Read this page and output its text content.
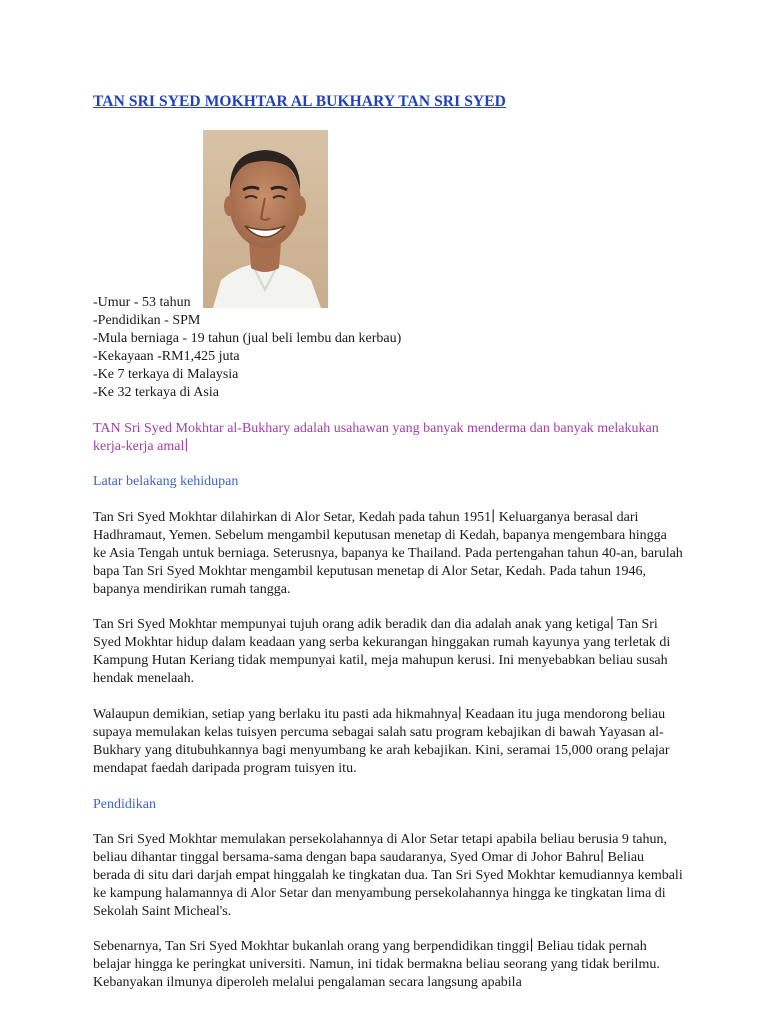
TAN SRI SYED MOKHTAR AL BUKHARY TAN SRI SYED
-Umur - 53 tahun
-Pendidikan - SPM
-Mula berniaga - 19 tahun (jual beli lembu dan kerbau)
-Kekayaan -RM1,425 juta
-Ke 7 terkaya di Malaysia
-Ke 32 terkaya di Asia
TAN Sri Syed Mokhtar al-Bukhary adalah usahawan yang banyak menderma dan banyak melakukan kerja-kerja amal∣
Latar belakang kehidupan
Tan Sri Syed Mokhtar dilahirkan di Alor Setar, Kedah pada tahun 1951∣ Keluarganya berasal dari Hadhramaut, Yemen. Sebelum mengambil keputusan menetap di Kedah, bapanya mengembara hingga ke Asia Tengah untuk berniaga. Seterusnya, bapanya ke Thailand. Pada pertengahan tahun 40-an, barulah bapa Tan Sri Syed Mokhtar mengambil keputusan menetap di Alor Setar, Kedah. Pada tahun 1946, bapanya mendirikan rumah tangga.
Tan Sri Syed Mokhtar mempunyai tujuh orang adik beradik dan dia adalah anak yang ketiga∣ Tan Sri Syed Mokhtar hidup dalam keadaan yang serba kekurangan hinggakan rumah kayunya yang terletak di Kampung Hutan Keriang tidak mempunyai katil, meja mahupun kerusi. Ini menyebabkan beliau susah hendak menelaah.
Walaupun demikian, setiap yang berlaku itu pasti ada hikmahnya∣ Keadaan itu juga mendorong beliau supaya memulakan kelas tuisyen percuma sebagai salah satu program kebajikan di bawah Yayasan al-Bukhary yang ditubuhkannya bagi menyumbang ke arah kebajikan. Kini, seramai 15,000 orang pelajar mendapat faedah daripada program tuisyen itu.
Pendidikan
Tan Sri Syed Mokhtar memulakan persekolahannya di Alor Setar tetapi apabila beliau berusia 9 tahun, beliau dihantar tinggal bersama-sama dengan bapa saudaranya, Syed Omar di Johor Bahru∣ Beliau berada di situ dari darjah empat hinggalah ke tingkatan dua. Tan Sri Syed Mokhtar kemudiannya kembali ke kampung halamannya di Alor Setar dan menyambung persekolahannya hingga ke tingkatan lima di Sekolah Saint Micheal's.
Sebenarnya, Tan Sri Syed Mokhtar bukanlah orang yang berpendidikan tinggi∣ Beliau tidak pernah belajar hingga ke peringkat universiti. Namun, ini tidak bermakna beliau seorang yang tidak berilmu. Kebanyakan ilmunya diperoleh melalui pengalaman secara langsung apabila
